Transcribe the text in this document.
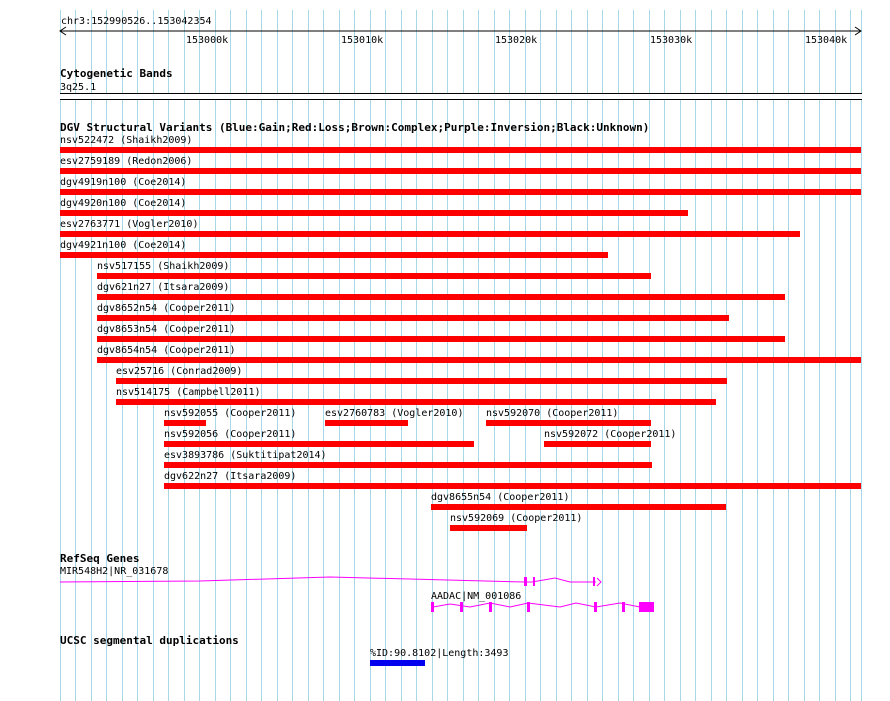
chr3:152990526..153042354
153000k	153010k	153020k	153030k	153040k
Cytogenetic Bands
3q25.1
DGV Structural Variants (Blue:Gain;Red:Loss;Brown:Complex;Purple:Inversion;Black:Unknown)
nsv522472 (Shaikh2009)
esv2759189 (Redon2006)
dgv4919n100 (Coe2014)
dgv4920n100 (Coe2014)
esv2763771 (Vogler2010)
dgv4921n100 (Coe2014)
nsv517155 (Shaikh2009)
dgv621n27 (Itsara2009)
dgv8652n54 (Cooper2011)
dgv8653n54 (Cooper2011)
dgv8654n54 (Cooper2011)
esv25716 (Conrad2009)
nsv514175 (Campbell2011)
nsv592055 (Cooper2011)	esv2760783 (Vogler2010) nsv592070 (Cooper2011)
nsv592056 (Cooper2011)	nsv592072 (Cooper2011)
esv3893786 (Suktitipat2014)
dgv622n27 (Itsara2009)
dgv8655n54 (Cooper2011)
nsv592069 (Cooper2011)
RefSeq Genes
MIR548H2|NR_031678
AADAC|NM_001086
UCSC segmental duplications
%ID:90.8102|Length:3493
